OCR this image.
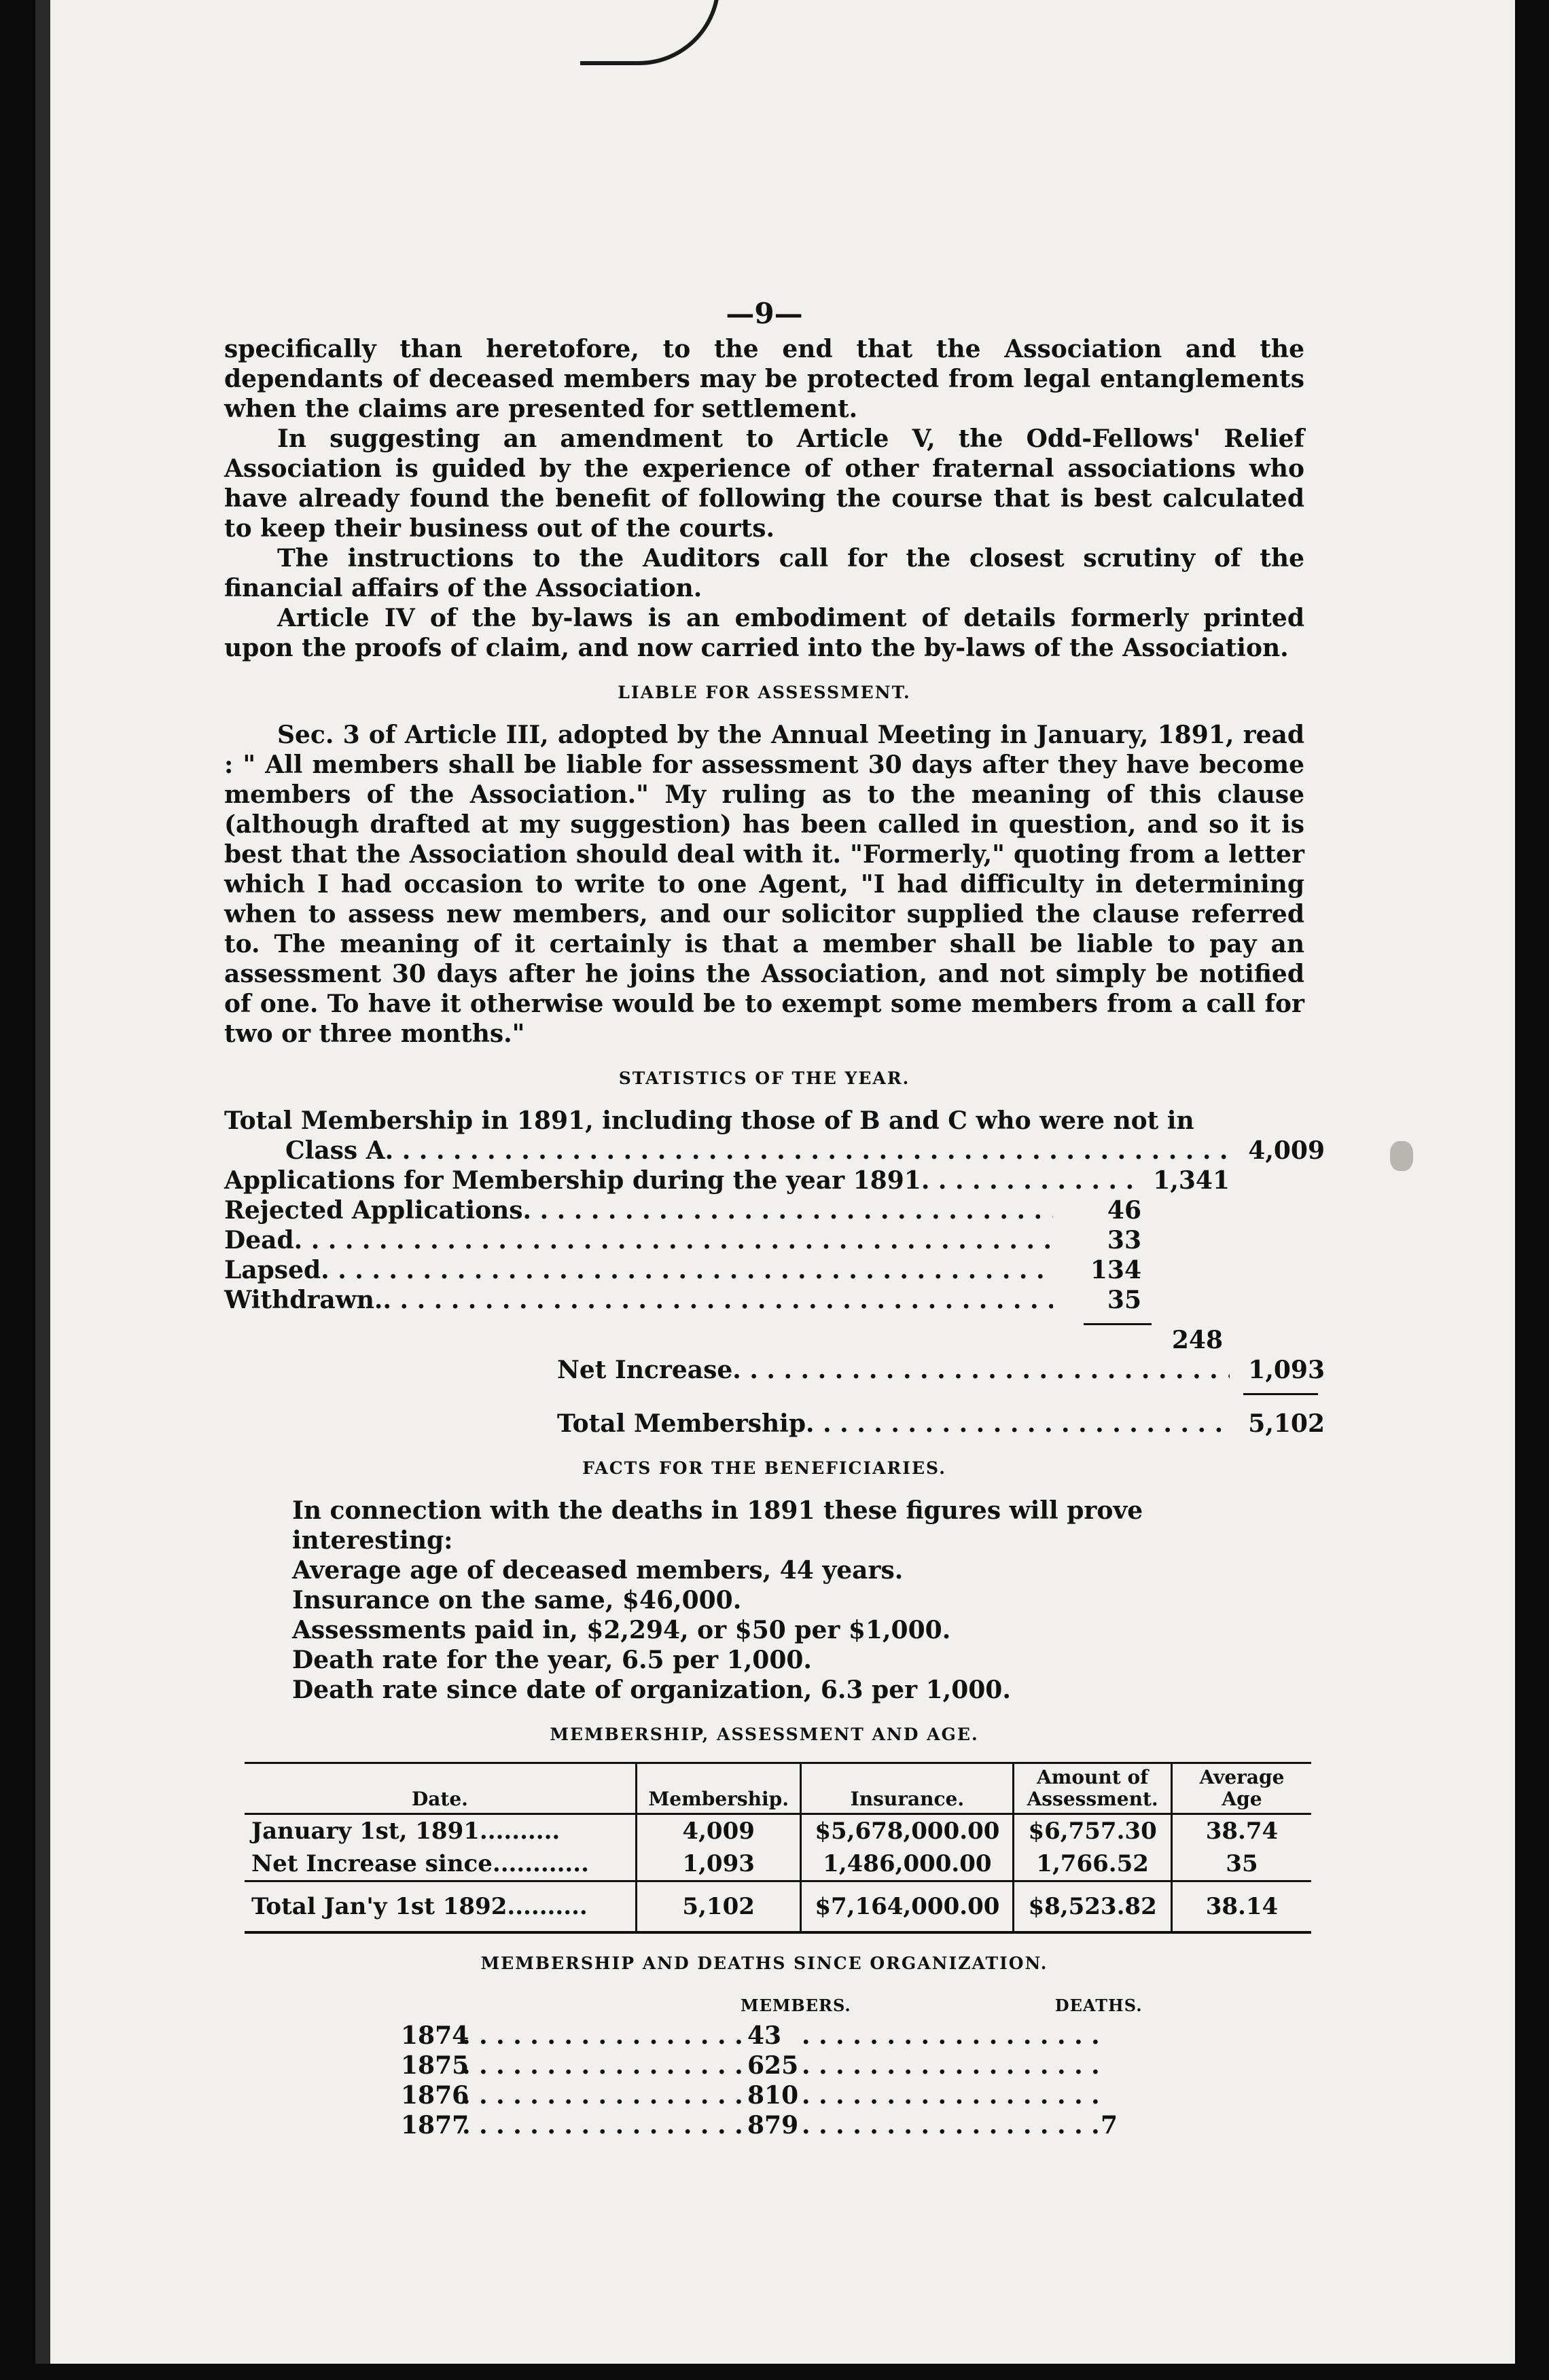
—9—

specifically than heretofore, to the end that the Association and the dependants of deceased members may be protected from legal entanglements when the claims are presented for settlement.

In suggesting an amendment to Article V, the Odd-Fellows' Relief Association is guided by the experience of other fraternal associations who have already found the benefit of following the course that is best calculated to keep their business out of the courts.

The instructions to the Auditors call for the closest scrutiny of the financial affairs of the Association.

Article IV of the by-laws is an embodiment of details formerly printed upon the proofs of claim, and now carried into the by-laws of the Association.

LIABLE FOR ASSESSMENT.

Sec. 3 of Article III, adopted by the Annual Meeting in January, 1891, read : " All members shall be liable for assessment 30 days after they have become members of the Association." My ruling as to the meaning of this clause (although drafted at my suggestion) has been called in question, and so it is best that the Association should deal with it. "Formerly," quoting from a letter which I had occasion to write to one Agent, "I had difficulty in determining when to assess new members, and our solicitor supplied the clause referred to. The meaning of it certainly is that a member shall be liable to pay an assessment 30 days after he joins the Association, and not simply be notified of one. To have it otherwise would be to exempt some members from a call for two or three months."

STATISTICS OF THE YEAR.
Total Membership in 1891, including those of B and C who were not in
Class A . . .	4,009
Applications for Membership during the year 1891 . . .	1,341
Rejected Applications . . .	46
Dead . . .	33
Lapsed . . .	134
Withdrawn. . . .	35
248
Net Increase . . .	1,093
Total Membership . . .	5,102
FACTS FOR THE BENEFICIARIES.
In connection with the deaths in 1891 these figures will prove interesting:
Average age of deceased members, 44 years.
Insurance on the same, $46,000.
Assessments paid in, $2,294, or $50 per $1,000.
Death rate for the year, 6.5 per 1,000.
Death rate since date of organization, 6.3 per 1,000.
MEMBERSHIP, ASSESSMENT AND AGE.
Date.	Membership.	Insurance.	Amount of Assessment.	Average Age
January 1st, 1891..........	4,009	$5,678,000.00	$6,757.30	38.74
Net Increase since............	1,093	1,486,000.00	1,766.52	35
Total Jan'y 1st 1892..........	5,102	$7,164,000.00	$8,523.82	38.14
MEMBERSHIP AND DEATHS SINCE ORGANIZATION.
MEMBERS.	DEATHS.
1874 . . .	43
. . .
1875 . . .	625
. . .
1876 . . .	810
. . .
1877 . . .	879 . . .	7
